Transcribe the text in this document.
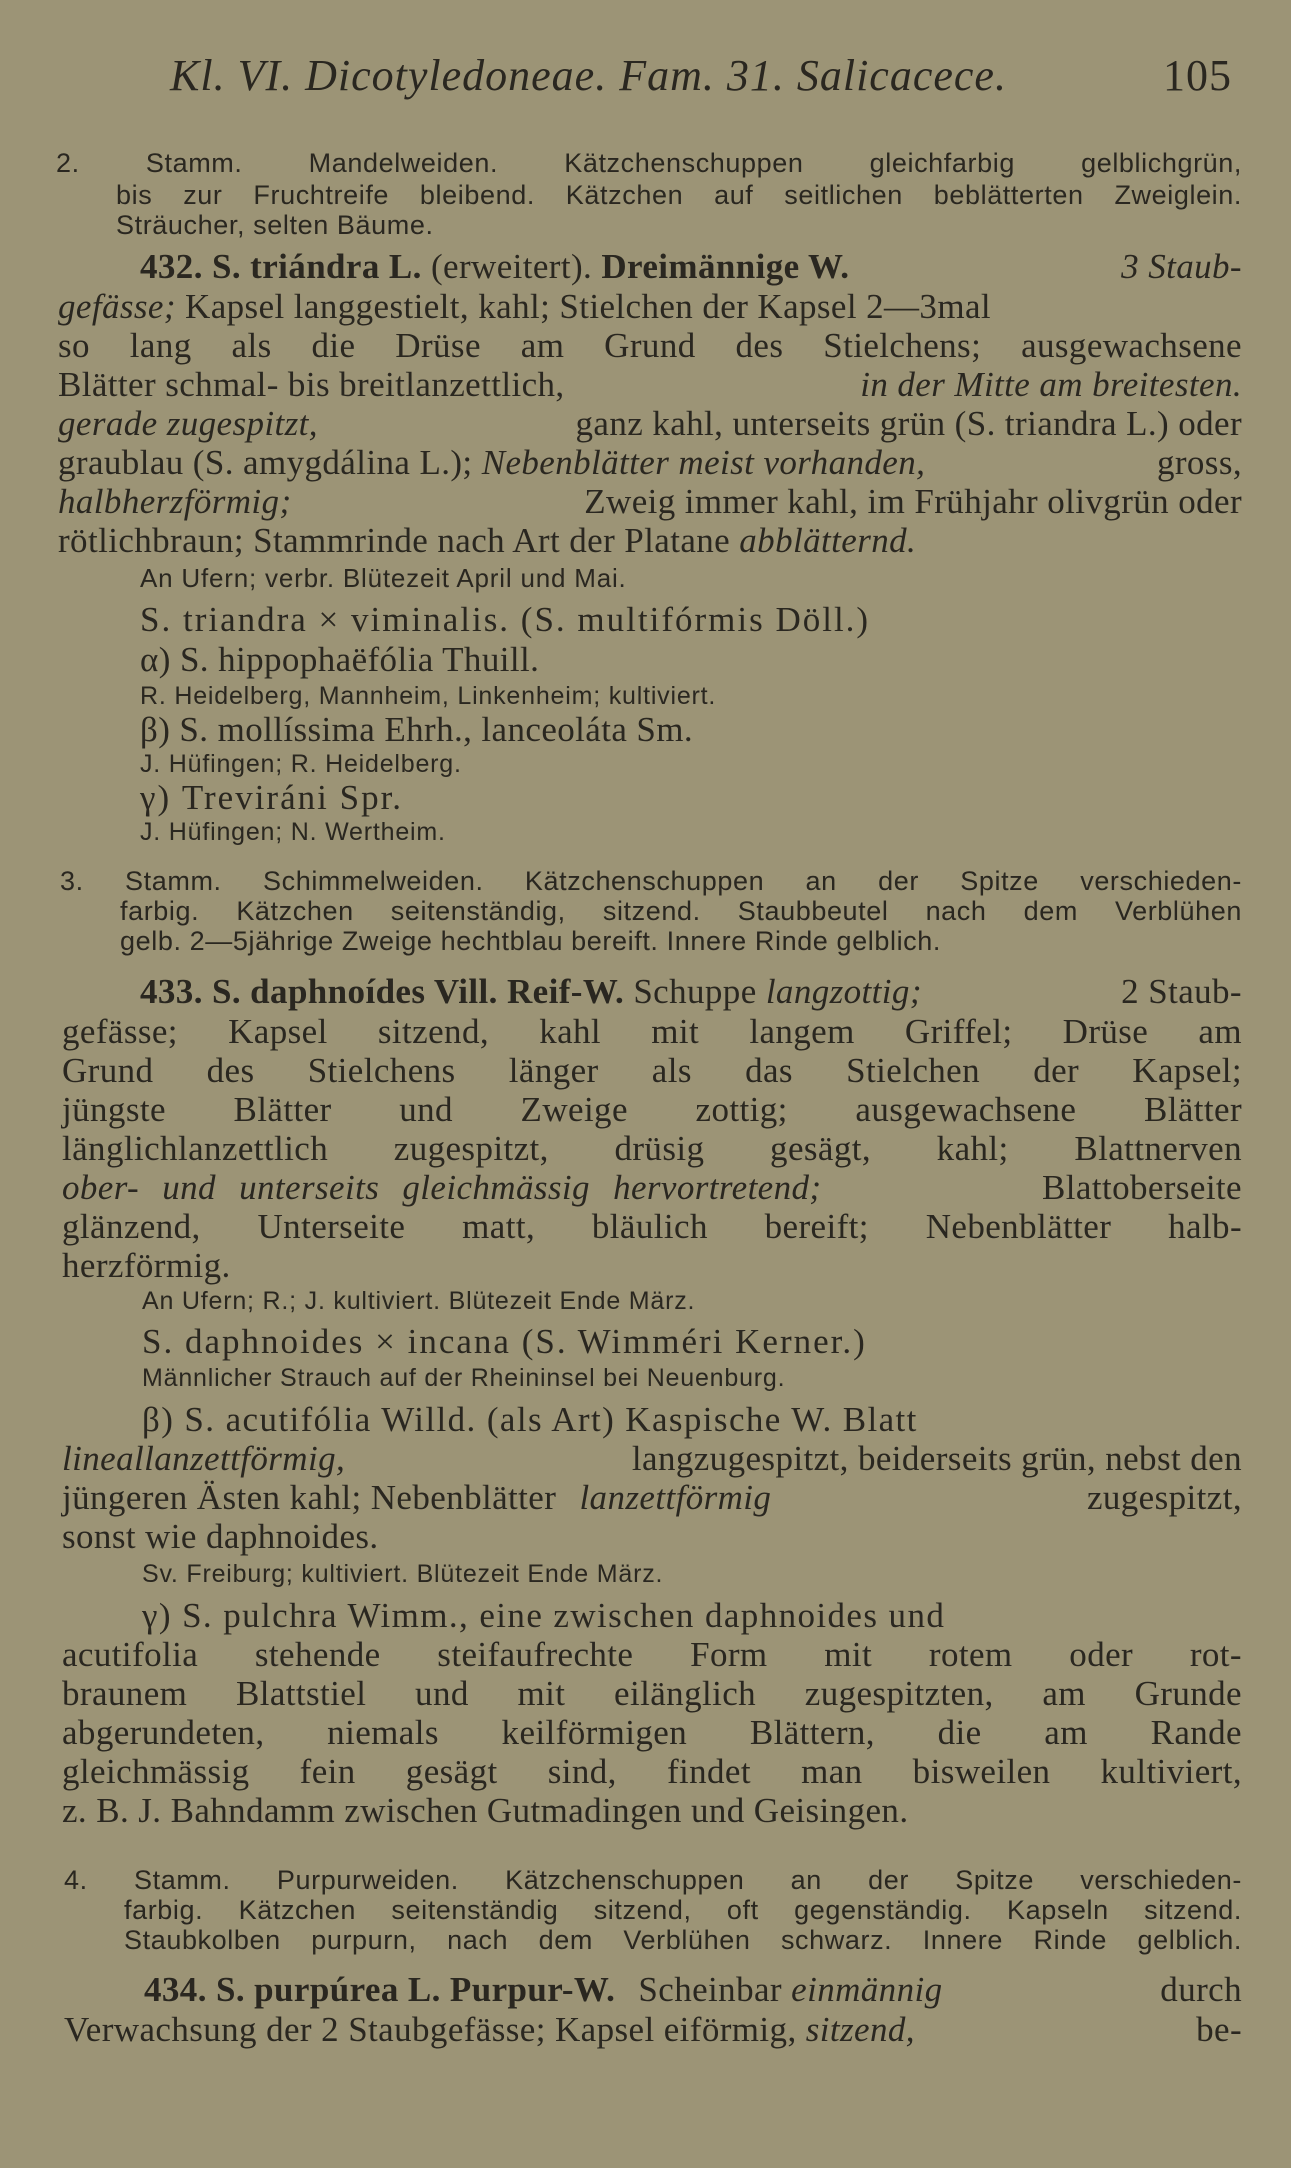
Kl. VI. Dicotyledoneae. Fam. 31. Salicacece.	105
2. Stamm. Mandelweiden. Kätzchenschuppen gleichfarbig gelblichgrün,
bis zur Fruchtreife bleibend. Kätzchen auf seitlichen beblätterten Zweiglein.
Sträucher, selten Bäume.
432. S. triándra L. (erweitert). Dreimännige W.	3 Staub-
gefässe; Kapsel langgestielt, kahl; Stielchen der Kapsel 2—3mal
so lang als die Drüse am Grund des Stielchens; ausgewachsene
Blätter schmal- bis breitlanzettlich,	in der Mitte am breitesten.
gerade zugespitzt,	ganz kahl, unterseits grün (S. triandra L.) oder
graublau (S. amygdálina L.); Nebenblätter meist vorhanden,	gross,
halbherzförmig;	Zweig immer kahl, im Frühjahr olivgrün oder
rötlichbraun; Stammrinde nach Art der Platane abblätternd.
An Ufern; verbr. Blütezeit April und Mai.
S. triandra × viminalis. (S. multifórmis Döll.)
α) S. hippophaëfólia Thuill.
R. Heidelberg, Mannheim, Linkenheim; kultiviert.
β) S. mollíssima Ehrh., lanceoláta Sm.
J. Hüfingen; R. Heidelberg.
γ) Treviráni Spr.
J. Hüfingen; N. Wertheim.
3. Stamm. Schimmelweiden. Kätzchenschuppen an der Spitze verschieden-
farbig. Kätzchen seitenständig, sitzend. Staubbeutel nach dem Verblühen
gelb. 2—5jährige Zweige hechtblau bereift. Innere Rinde gelblich.
433. S. daphnoídes Vill. Reif-W. Schuppe langzottig;	2 Staub-
gefässe; Kapsel sitzend, kahl mit langem Griffel; Drüse am
Grund des Stielchens länger als das Stielchen der Kapsel;
jüngste Blätter und Zweige zottig; ausgewachsene Blätter
länglichlanzettlich zugespitzt, drüsig gesägt, kahl; Blattnerven
ober- und unterseits gleichmässig hervortretend;	Blattoberseite
glänzend, Unterseite matt, bläulich bereift; Nebenblätter halb-
herzförmig.
An Ufern; R.; J. kultiviert. Blütezeit Ende März.
S. daphnoides × incana (S. Wimméri Kerner.)
Männlicher Strauch auf der Rheininsel bei Neuenburg.
β) S. acutifólia Willd. (als Art) Kaspische W. Blatt
lineallanzettförmig,	langzugespitzt, beiderseits grün, nebst den
jüngeren Ästen kahl; Nebenblätter lanzettförmig	zugespitzt,
sonst wie daphnoides.
Sv. Freiburg; kultiviert. Blütezeit Ende März.
γ) S. pulchra Wimm., eine zwischen daphnoides und
acutifolia stehende steifaufrechte Form mit rotem oder rot-
braunem Blattstiel und mit eilänglich zugespitzten, am Grunde
abgerundeten, niemals keilförmigen Blättern, die am Rande
gleichmässig fein gesägt sind, findet man bisweilen kultiviert,
z. B. J. Bahndamm zwischen Gutmadingen und Geisingen.
4. Stamm. Purpurweiden. Kätzchenschuppen an der Spitze verschieden-
farbig. Kätzchen seitenständig sitzend, oft gegenständig. Kapseln sitzend.
Staubkolben purpurn, nach dem Verblühen schwarz. Innere Rinde gelblich.
434. S. purpúrea L. Purpur-W. Scheinbar einmännig	durch
Verwachsung der 2 Staubgefässe; Kapsel eiförmig, sitzend,	be-
